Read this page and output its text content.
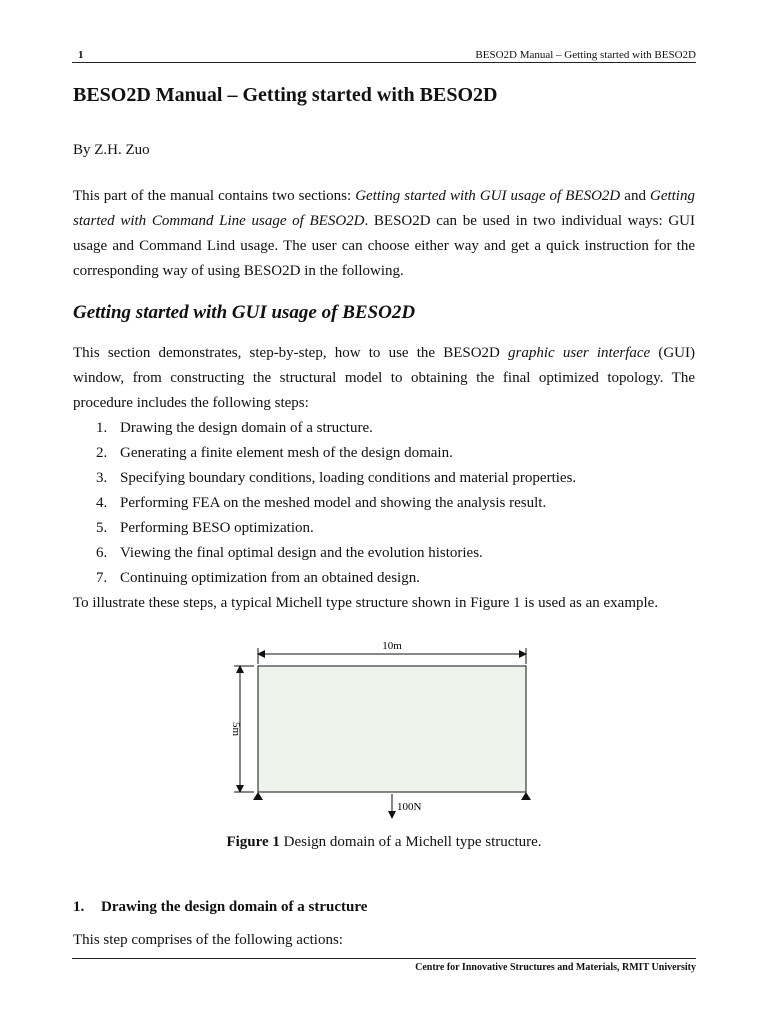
1	BESO2D Manual – Getting started with BESO2D
BESO2D Manual – Getting started with BESO2D
By Z.H. Zuo

This part of the manual contains two sections: Getting started with GUI usage of BESO2D and Getting started with Command Line usage of BESO2D. BESO2D can be used in two individual ways: GUI usage and Command Lind usage. The user can choose either way and get a quick instruction for the corresponding way of using BESO2D in the following.

Getting started with GUI usage of BESO2D

This section demonstrates, step-by-step, how to use the BESO2D graphic user interface (GUI) window, from constructing the structural model to obtaining the final optimized topology. The procedure includes the following steps:

1. Drawing the design domain of a structure.
2. Generating a finite element mesh of the design domain.
3. Specifying boundary conditions, loading conditions and material properties.
4. Performing FEA on the meshed model and showing the analysis result.
5. Performing BESO optimization.
6. Viewing the final optimal design and the evolution histories.
7. Continuing optimization from an obtained design.

To illustrate these steps, a typical Michell type structure shown in Figure 1 is used as an example.

10m
5m
100N
Figure 1 Design domain of a Michell type structure.
1. Drawing the design domain of a structure

This step comprises of the following actions:

Centre for Innovative Structures and Materials, RMIT University
